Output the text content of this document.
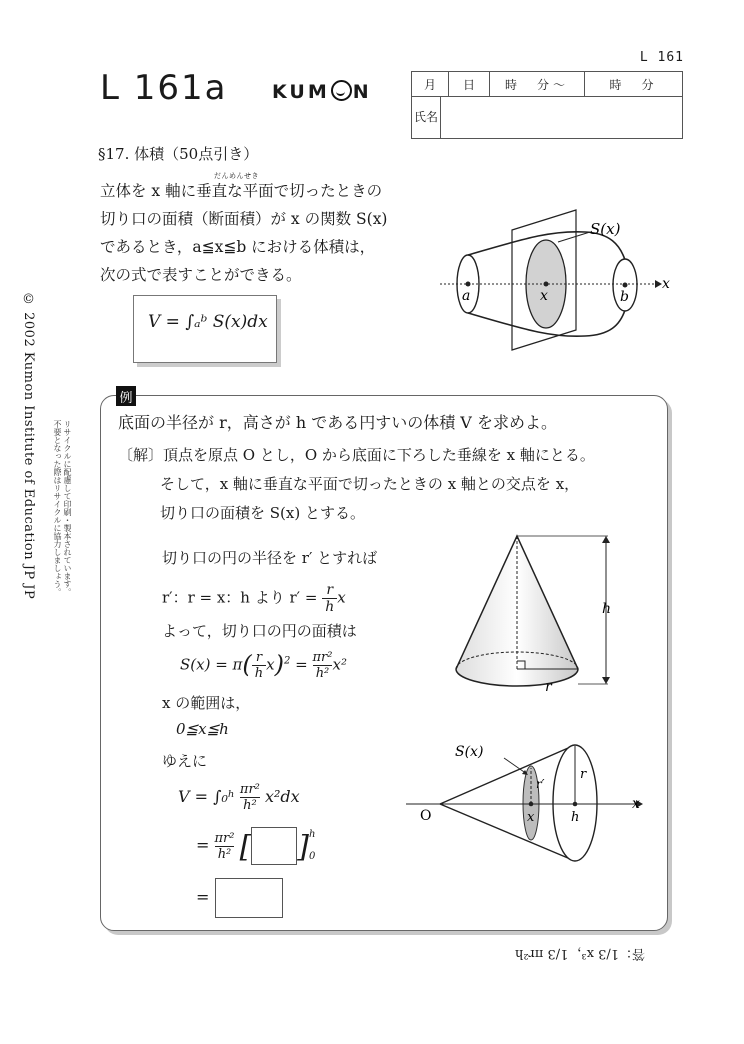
L 161
L 161a KUM N	月	日	時　分〜	時　分
氏名
© 2002 Kumon Institute of Education JP JP	リサイクルに配慮して印刷・製本されています。
不要となった際はリサイクルに協力しましょう。
§17. 体積（50点引き）
だんめんせき
立体を x 軸に垂直な平面で切ったときの
切り口の面積（断面積）が x の関数 S(x)
であるとき，a≦x≦b における体積は，
次の式で表すことができる。
V = ∫ₐᵇ S(x)dx
S(x)
a	x	b
x
例
底面の半径が r，高さが h である円すいの体積 V を求めよ。
〔解〕頂点を原点 O とし，O から底面に下ろした垂線を x 軸にとる。
そして，x 軸に垂直な平面で切ったときの x 軸との交点を x，
切り口の面積を S(x) とする。
切り口の円の半径を r′ とすれば
r′：r = x：h より $r' = \frac{r}{h}$ x
よって，切り口の円の面積は
$S(x) = \pi( \frac{r}{h} x)^2 = \frac{\text{πr²}}{\text{h²}} x^2$
x の範囲は，
0≦x≦h
ゆえに
V = ∫₀ʰ $\frac{\text{πr²}}{\text{h²}} x^2dx$
= $\frac{\text{πr²}}{\text{h²}}$ [ ] h
0
=
h
r
S(x)
O
r′
r
x	h
x
答：1/3 x³，1/3 πr²h
